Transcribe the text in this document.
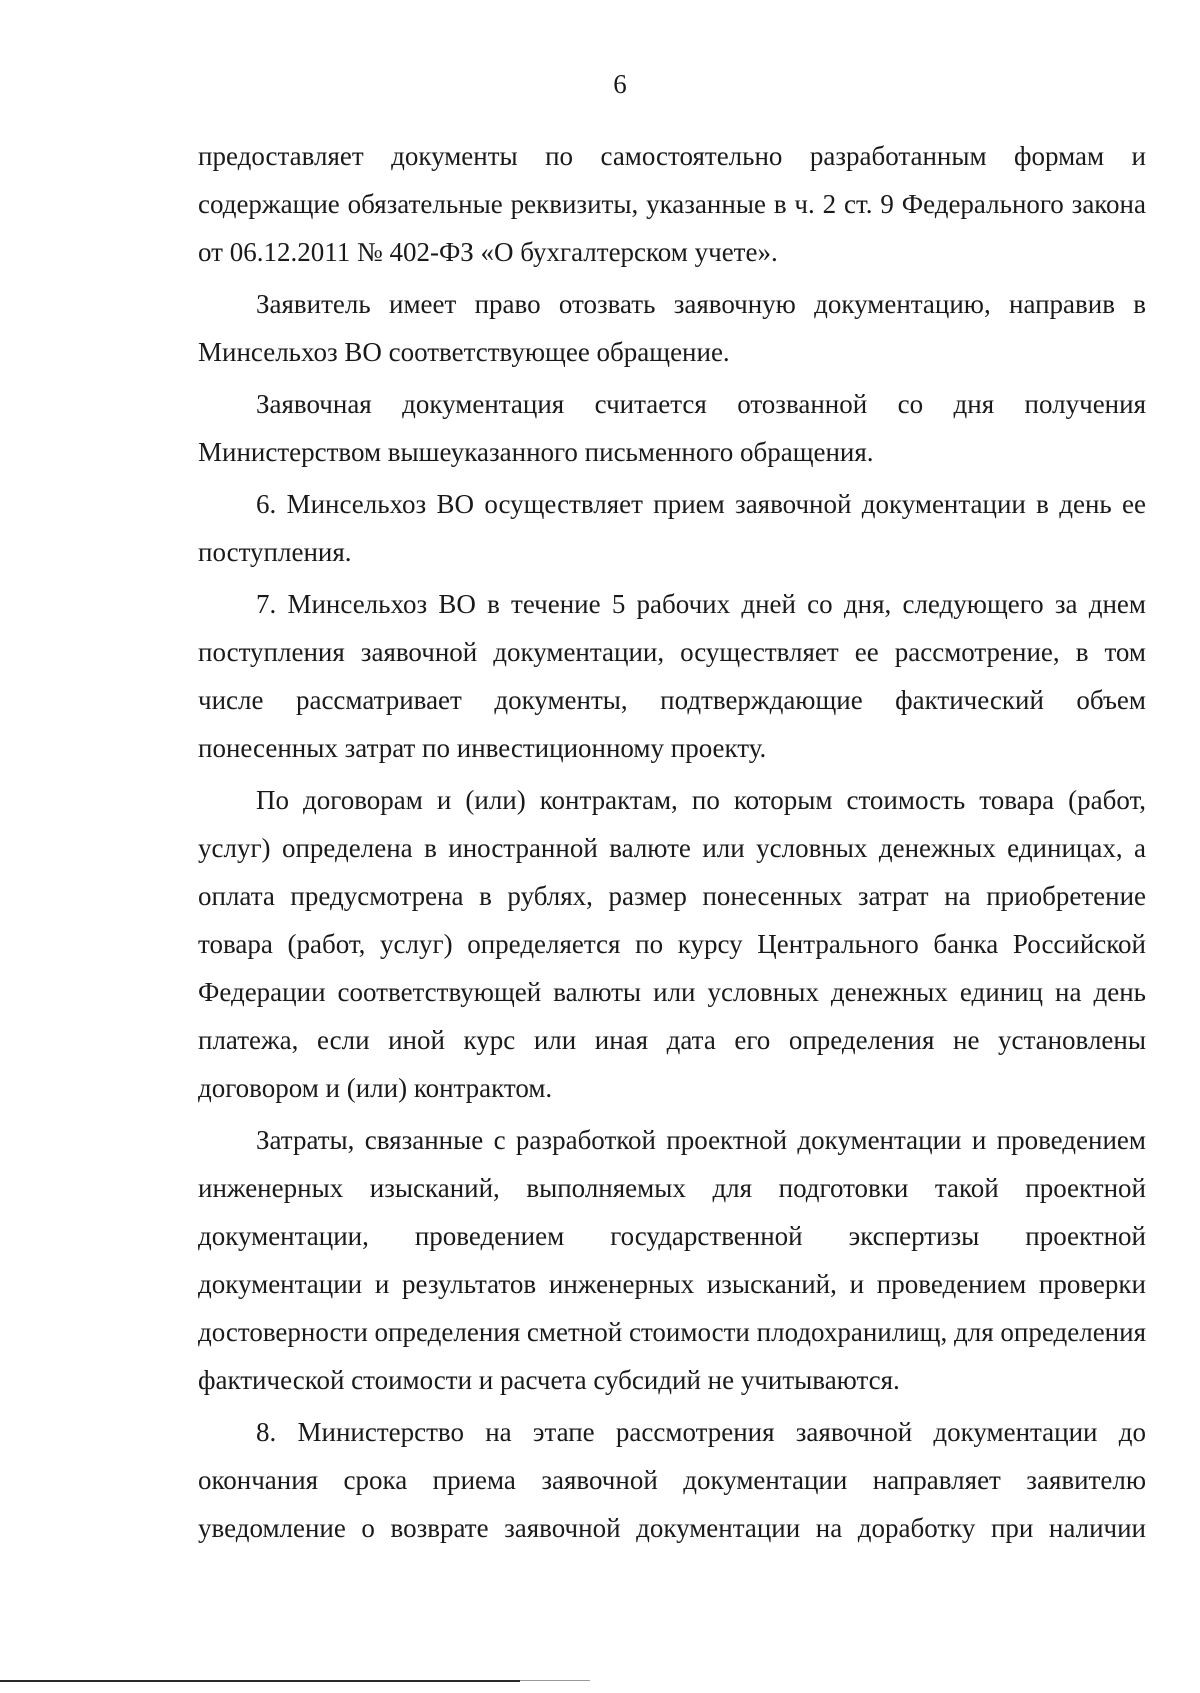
6

предоставляет документы по самостоятельно разработанным формам и содержащие обязательные реквизиты, указанные в ч. 2 ст. 9 Федерального закона от 06.12.2011 № 402-ФЗ «О бухгалтерском учете».

Заявитель имеет право отозвать заявочную документацию, направив в Минсельхоз ВО соответствующее обращение.

Заявочная документация считается отозванной со дня получения Министерством вышеуказанного письменного обращения.

6. Минсельхоз ВО осуществляет прием заявочной документации в день ее поступления.

7. Минсельхоз ВО в течение 5 рабочих дней со дня, следующего за днем поступления заявочной документации, осуществляет ее рассмотрение, в том числе рассматривает документы, подтверждающие фактический объем понесенных затрат по инвестиционному проекту.

По договорам и (или) контрактам, по которым стоимость товара (работ, услуг) определена в иностранной валюте или условных денежных единицах, а оплата предусмотрена в рублях, размер понесенных затрат на приобретение товара (работ, услуг) определяется по курсу Центрального банка Российской Федерации соответствующей валюты или условных денежных единиц на день платежа, если иной курс или иная дата его определения не установлены договором и (или) контрактом.

Затраты, связанные с разработкой проектной документации и проведением инженерных изысканий, выполняемых для подготовки такой проектной документации, проведением государственной экспертизы проектной документации и результатов инженерных изысканий, и проведением проверки достоверности определения сметной стоимости плодохранилищ, для определения фактической стоимости и расчета субсидий не учитываются.

8. Министерство на этапе рассмотрения заявочной документации до окончания срока приема заявочной документации направляет заявителю уведомление о возврате заявочной документации на доработку при наличии
